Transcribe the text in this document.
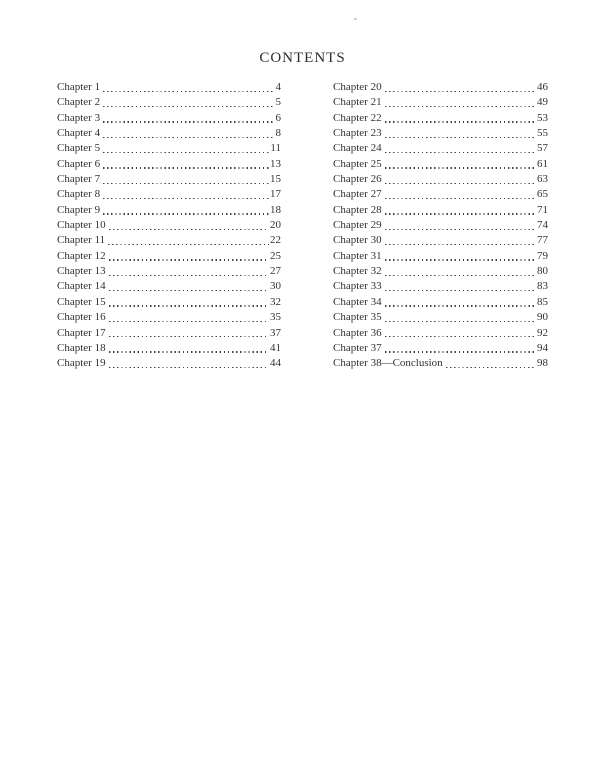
CONTENTS
Chapter 1	4
Chapter 2	5
Chapter 3	6
Chapter 4	8
Chapter 5	11
Chapter 6	13
Chapter 7	15
Chapter 8	17
Chapter 9	18
Chapter 10	20
Chapter 11	22
Chapter 12	25
Chapter 13	27
Chapter 14	30
Chapter 15	32
Chapter 16	35
Chapter 17	37
Chapter 18	41
Chapter 19	44
Chapter 20	46
Chapter 21	49
Chapter 22	53
Chapter 23	55
Chapter 24	57
Chapter 25	61
Chapter 26	63
Chapter 27	65
Chapter 28	71
Chapter 29	74
Chapter 30	77
Chapter 31	79
Chapter 32	80
Chapter 33	83
Chapter 34	85
Chapter 35	90
Chapter 36	92
Chapter 37	94
Chapter 38—Conclusion	98
